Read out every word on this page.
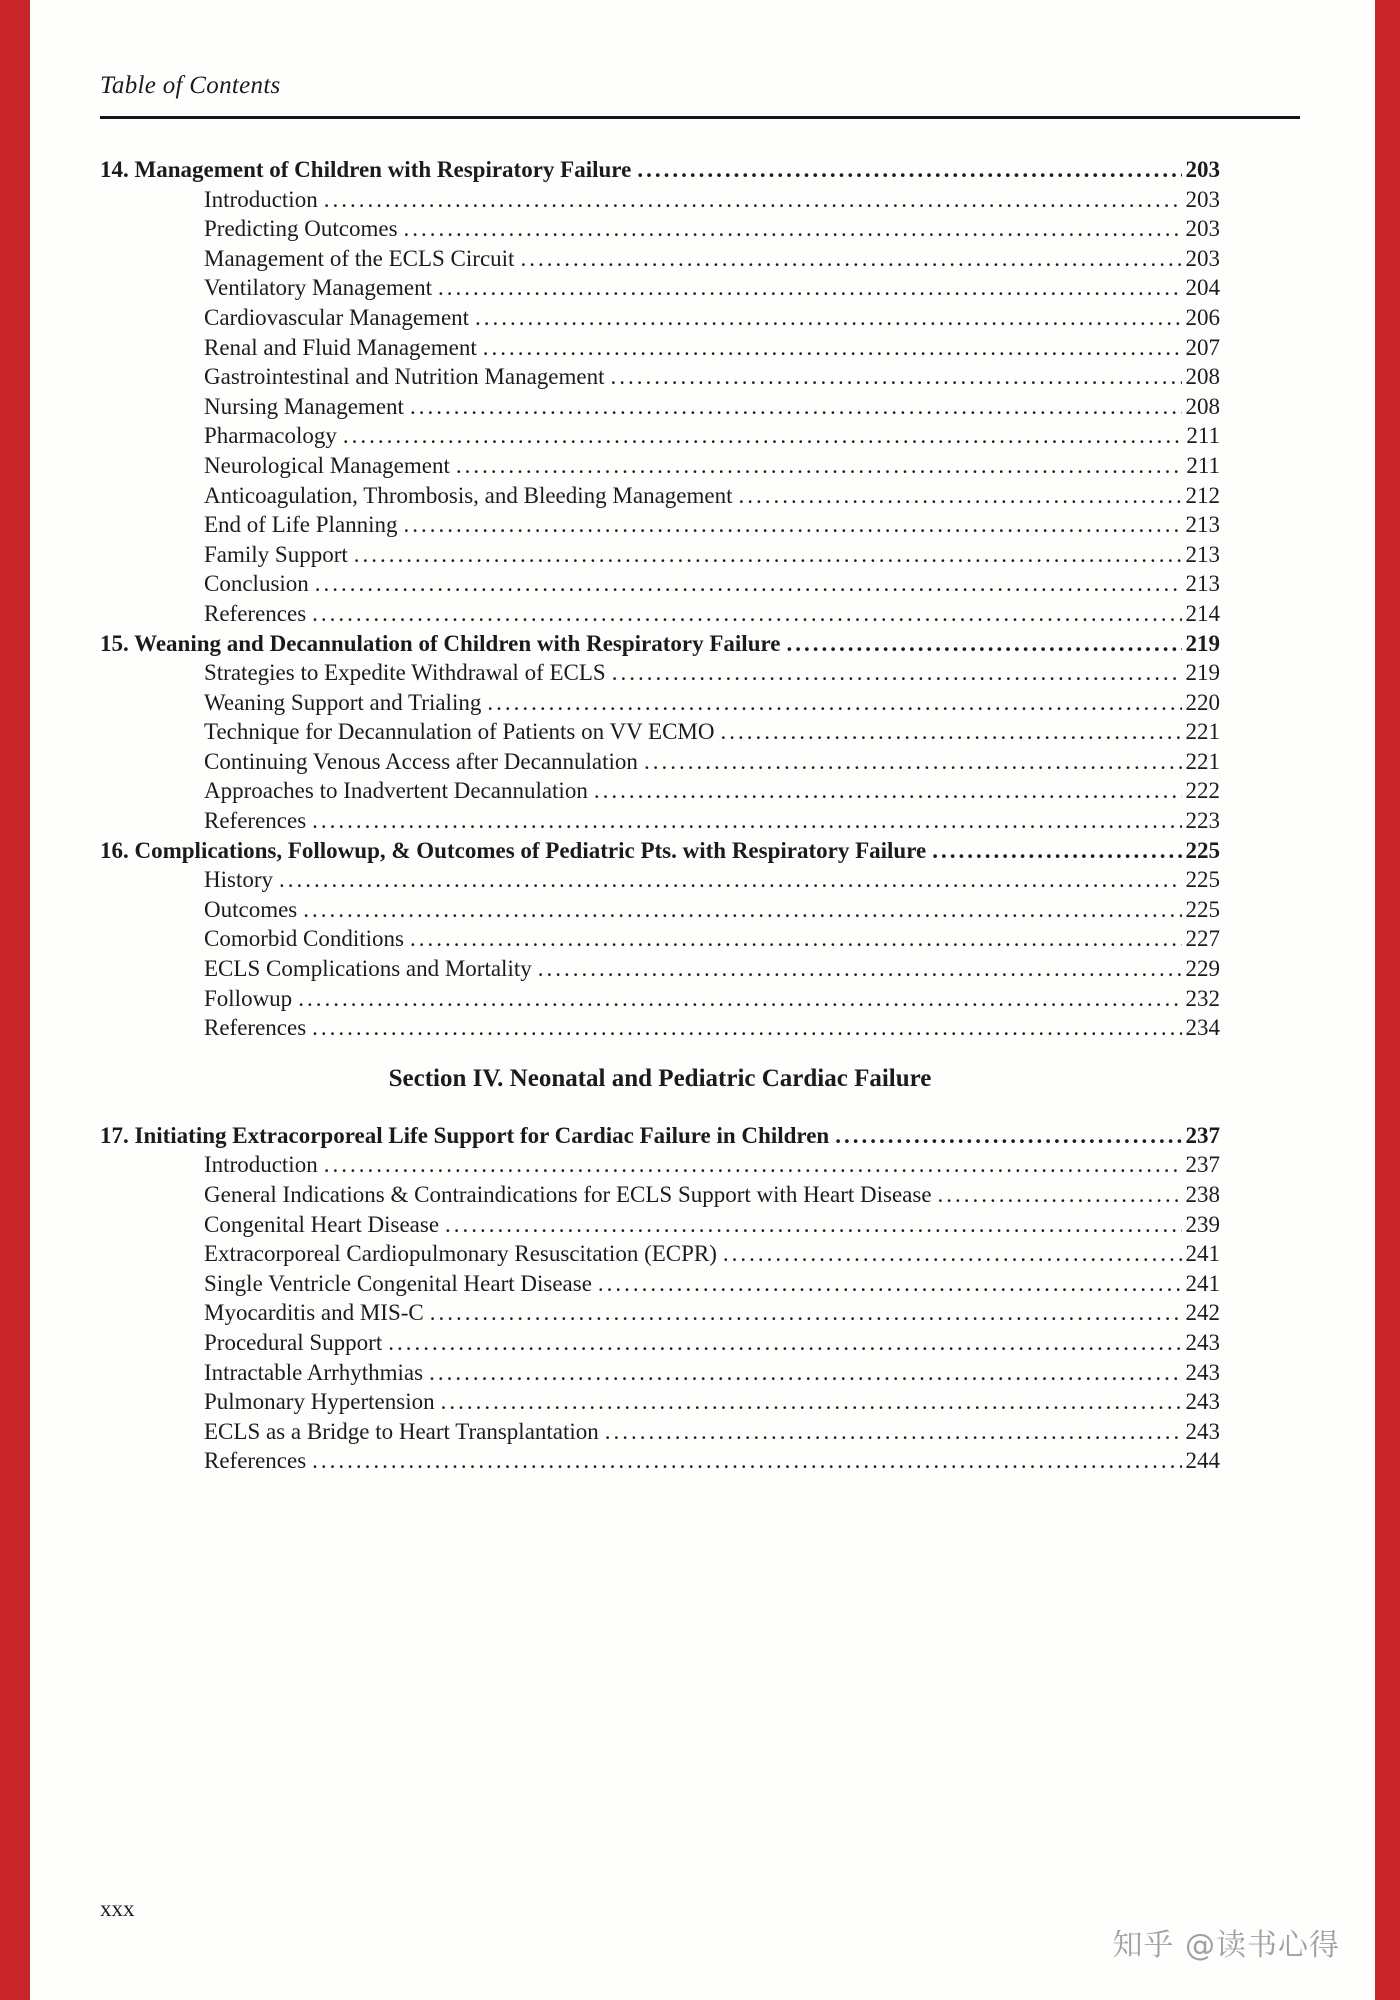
Table of Contents
14. Management of Children with Respiratory Failure .....	203
Introduction .....	203
Predicting Outcomes .....	203
Management of the ECLS Circuit .....	203
Ventilatory Management .....	204
Cardiovascular Management .....	206
Renal and Fluid Management .....	207
Gastrointestinal and Nutrition Management .....	208
Nursing Management .....	208
Pharmacology .....	211
Neurological Management .....	211
Anticoagulation, Thrombosis, and Bleeding Management .....	212
End of Life Planning .....	213
Family Support .....	213
Conclusion .....	213
References .....	214
15. Weaning and Decannulation of Children with Respiratory Failure .....	219
Strategies to Expedite Withdrawal of ECLS .....	219
Weaning Support and Trialing .....	220
Technique for Decannulation of Patients on VV ECMO .....	221
Continuing Venous Access after Decannulation .....	221
Approaches to Inadvertent Decannulation .....	222
References .....	223
16. Complications, Followup, & Outcomes of Pediatric Pts. with Respiratory Failure .....	225
History .....	225
Outcomes .....	225
Comorbid Conditions .....	227
ECLS Complications and Mortality .....	229
Followup .....	232
References .....	234
Section IV. Neonatal and Pediatric Cardiac Failure
17. Initiating Extracorporeal Life Support for Cardiac Failure in Children .....	237
Introduction .....	237
General Indications & Contraindications for ECLS Support with Heart Disease .....	238
Congenital Heart Disease .....	239
Extracorporeal Cardiopulmonary Resuscitation (ECPR) .....	241
Single Ventricle Congenital Heart Disease .....	241
Myocarditis and MIS-C .....	242
Procedural Support .....	243
Intractable Arrhythmias .....	243
Pulmonary Hypertension .....	243
ECLS as a Bridge to Heart Transplantation .....	243
References .....	244
xxx
知乎 @读书心得
